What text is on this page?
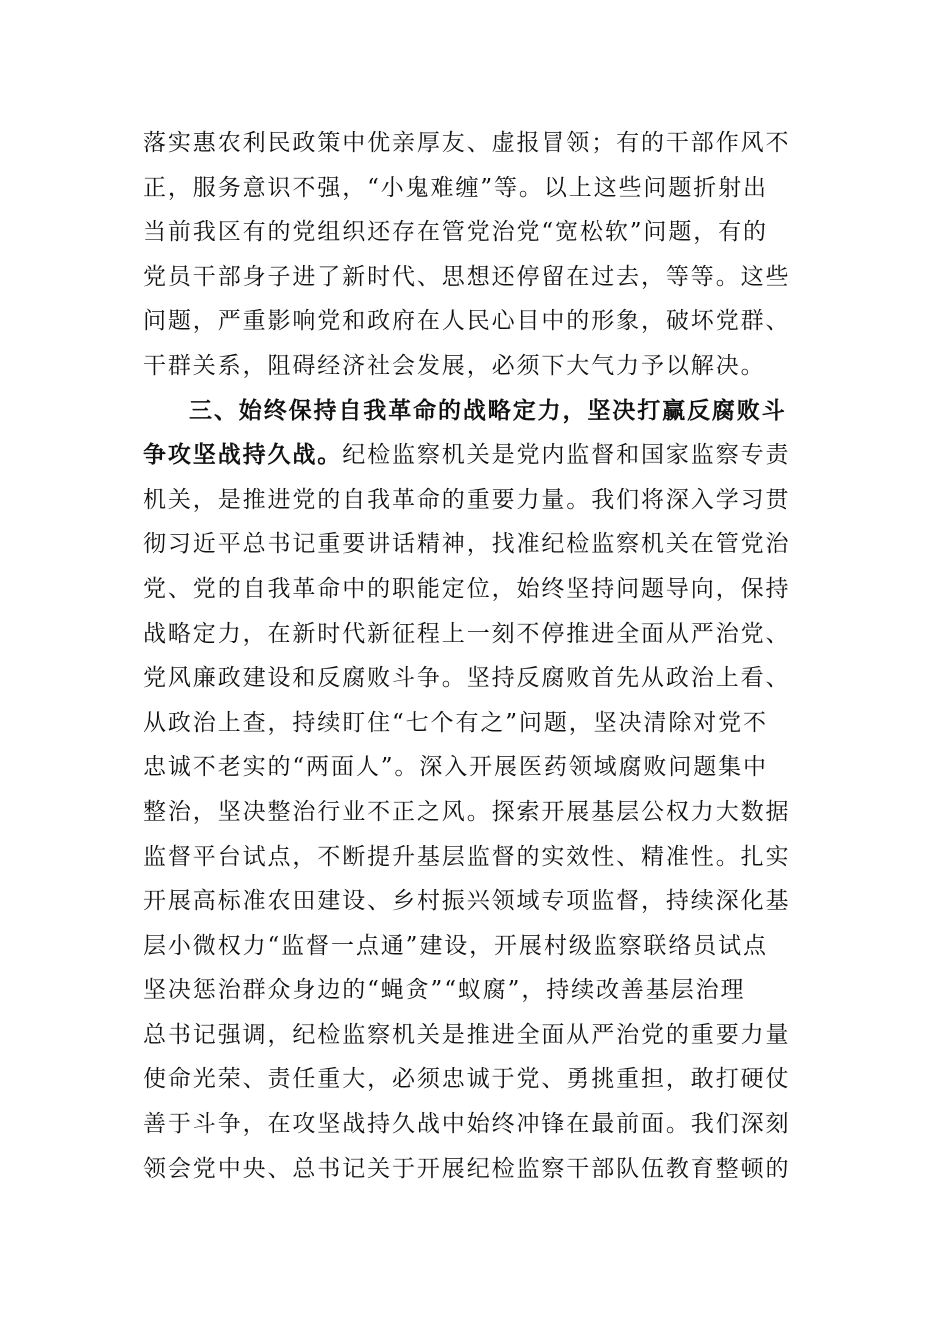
落实惠农利民政策中优亲厚友、虚报冒领；有的干部作风不
正，服务意识不强，“小鬼难缠”等。以上这些问题折射出
当前我区有的党组织还存在管党治党“宽松软”问题，有的
党员干部身子进了新时代、思想还停留在过去，等等。这些
问题，严重影响党和政府在人民心目中的形象，破坏党群、
干群关系，阻碍经济社会发展，必须下大气力予以解决。
三、始终保持自我革命的战略定力，坚决打赢反腐败斗
争攻坚战持久战。纪检监察机关是党内监督和国家监察专责
机关，是推进党的自我革命的重要力量。我们将深入学习贯
彻习近平总书记重要讲话精神，找准纪检监察机关在管党治
党、党的自我革命中的职能定位，始终坚持问题导向，保持
战略定力，在新时代新征程上一刻不停推进全面从严治党、
党风廉政建设和反腐败斗争。坚持反腐败首先从政治上看、
从政治上查，持续盯住“七个有之”问题，坚决清除对党不
忠诚不老实的“两面人”。深入开展医药领域腐败问题集中
整治，坚决整治行业不正之风。探索开展基层公权力大数据
监督平台试点，不断提升基层监督的实效性、精准性。扎实
开展高标准农田建设、乡村振兴领域专项监督，持续深化基
层小微权力“监督一点通”建设，开展村级监察联络员试点
坚决惩治群众身边的“蝇贪”“蚁腐”，持续改善基层治理
总书记强调，纪检监察机关是推进全面从严治党的重要力量
使命光荣、责任重大，必须忠诚于党、勇挑重担，敢打硬仗
善于斗争，在攻坚战持久战中始终冲锋在最前面。我们深刻
领会党中央、总书记关于开展纪检监察干部队伍教育整顿的
